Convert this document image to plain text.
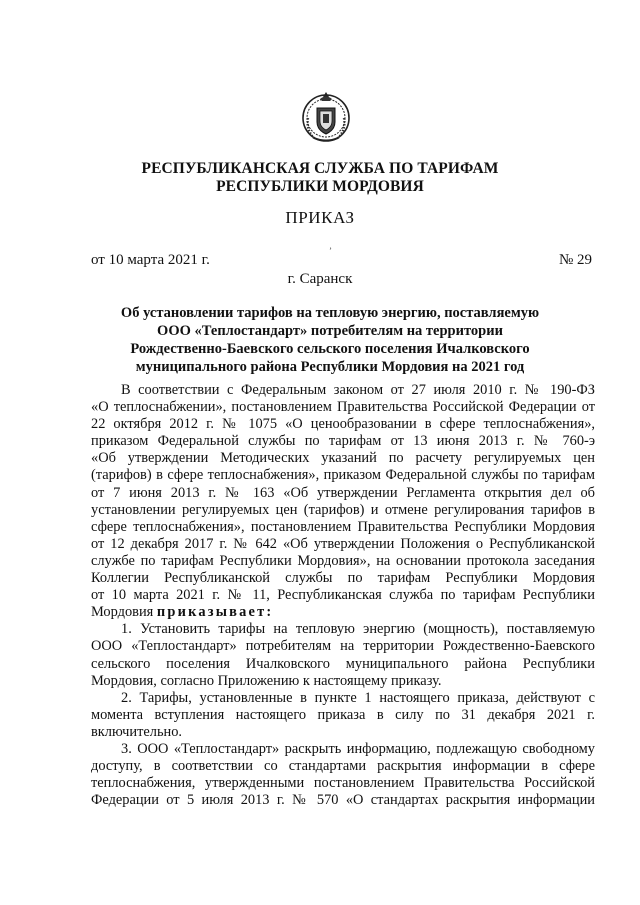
РЕСПУБЛИКАНСКАЯ СЛУЖБА ПО ТАРИФАМ
РЕСПУБЛИКИ МОРДОВИЯ
ПРИКАЗ
от 10 марта 2021 г.
’
№ 29
г. Саранск
Об установлении тарифов на тепловую энергию, поставляемую
ООО «Теплостандарт» потребителям на территории
Рождественно-Баевского сельского поселения Ичалковского
муниципального района Республики Мордовия на 2021 год
В соответствии с Федеральным законом от 27 июля 2010 г. № 190-ФЗ
«О теплоснабжении», постановлением Правительства Российской Федерации от
22 октября 2012 г. № 1075 «О ценообразовании в сфере теплоснабжения»,
приказом Федеральной службы по тарифам от 13 июня 2013 г. № 760-э
«Об утверждении Методических указаний по расчету регулируемых цен
(тарифов) в сфере теплоснабжения», приказом Федеральной службы по тарифам
от 7 июня 2013 г. № 163 «Об утверждении Регламента открытия дел об
установлении регулируемых цен (тарифов) и отмене регулирования тарифов в
сфере теплоснабжения», постановлением Правительства Республики Мордовия
от 12 декабря 2017 г. № 642 «Об утверждении Положения о Республиканской
службе по тарифам Республики Мордовия», на основании протокола заседания
Коллегии Республиканской службы по тарифам Республики Мордовия
от 10 марта 2021 г. № 11, Республиканская служба по тарифам Республики
Мордовия приказывает:
1. Установить тарифы на тепловую энергию (мощность), поставляемую
ООО «Теплостандарт» потребителям на территории Рождественно-Баевского
сельского поселения Ичалковского муниципального района Республики
Мордовия, согласно Приложению к настоящему приказу.
2. Тарифы, установленные в пункте 1 настоящего приказа, действуют с
момента вступления настоящего приказа в силу по 31 декабря 2021 г.
включительно.
3. ООО «Теплостандарт» раскрыть информацию, подлежащую свободному
доступу, в соответствии со стандартами раскрытия информации в сфере
теплоснабжения, утвержденными постановлением Правительства Российской
Федерации от 5 июля 2013 г. № 570 «О стандартах раскрытия информации
